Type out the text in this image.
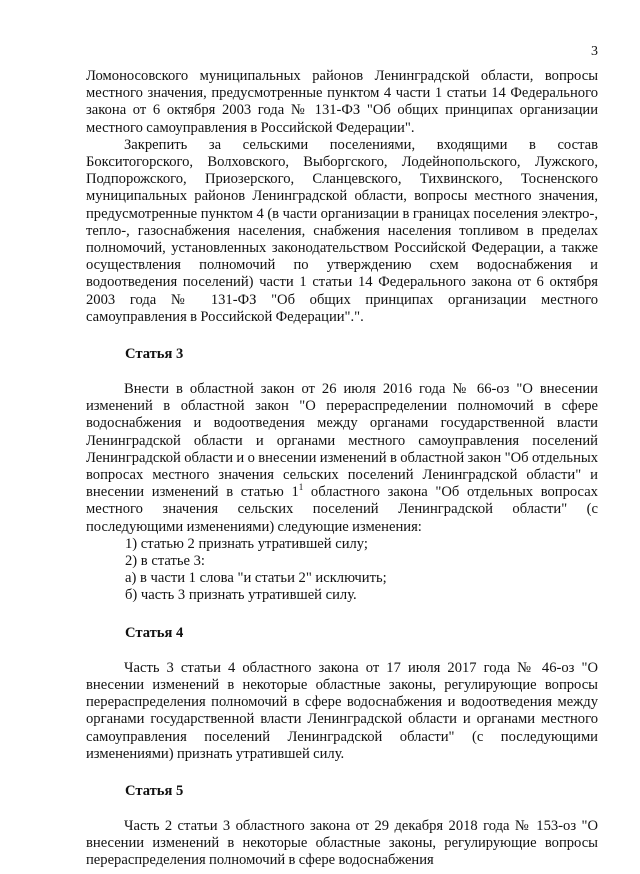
3

Ломоносовского муниципальных районов Ленинградской области, вопросы местного значения, предусмотренные пунктом 4 части 1 статьи 14 Федерального закона от 6 октября 2003 года № 131-ФЗ "Об общих принципах организации местного самоуправления в Российской Федерации".

Закрепить за сельскими поселениями, входящими в состав Бокситогорского, Волховского, Выборгского, Лодейнопольского, Лужского, Подпорожского, Приозерского, Сланцевского, Тихвинского, Тосненского муниципальных районов Ленинградской области, вопросы местного значения, предусмотренные пунктом 4 (в части организации в границах поселения электро-, тепло-, газоснабжения населения, снабжения населения топливом в пределах полномочий, установленных законодательством Российской Федерации, а также осуществления полномочий по утверждению схем водоснабжения и водоотведения поселений) части 1 статьи 14 Федерального закона от 6 октября 2003 года № 131-ФЗ "Об общих принципах организации местного самоуправления в Российской Федерации".".

Статья 3

Внести в областной закон от 26 июля 2016 года № 66-оз "О внесении изменений в областной закон "О перераспределении полномочий в сфере водоснабжения и водоотведения между органами государственной власти Ленинградской области и органами местного самоуправления поселений Ленинградской области и о внесении изменений в областной закон "Об отдельных вопросах местного значения сельских поселений Ленинградской области" и внесении изменений в статью $1^1$ областного закона "Об отдельных вопросах местного значения сельских поселений Ленинградской области" (с последующими изменениями) следующие изменения:

1) статью 2 признать утратившей силу;

2) в статье 3:

а) в части 1 слова "и статьи 2" исключить;

б) часть 3 признать утратившей силу.

Статья 4

Часть 3 статьи 4 областного закона от 17 июля 2017 года № 46-оз "О внесении изменений в некоторые областные законы, регулирующие вопросы перераспределения полномочий в сфере водоснабжения и водоотведения между органами государственной власти Ленинградской области и органами местного самоуправления поселений Ленинградской области" (с последующими изменениями) признать утратившей силу.

Статья 5

Часть 2 статьи 3 областного закона от 29 декабря 2018 года № 153-оз "О внесении изменений в некоторые областные законы, регулирующие вопросы перераспределения полномочий в сфере водоснабжения
